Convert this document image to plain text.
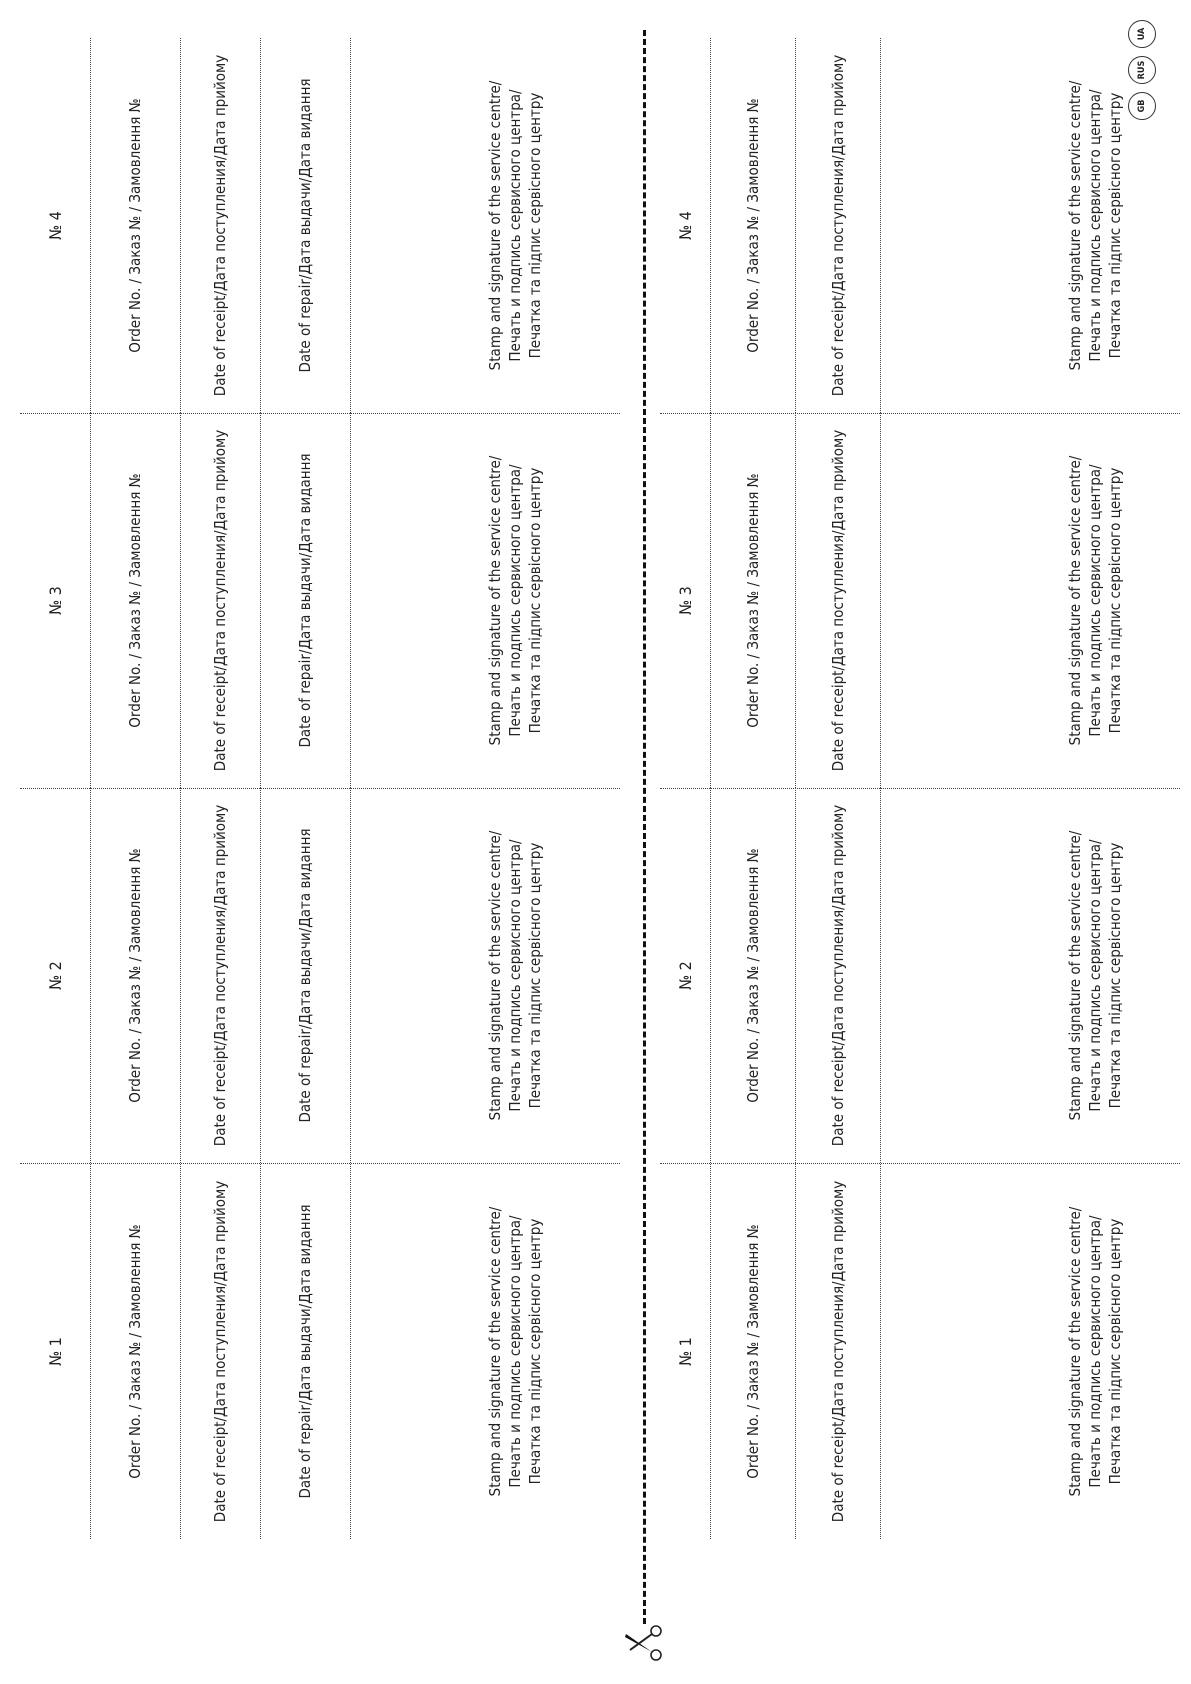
№ 1	Order No. / Заказ № / Замовлення №	Date of receipt/Дата поступления/Дата прийому	Date of repair/Дата выдачи/Дата видання	Stamp and signature of the service centre/ Печать и подпись сервисного центра/ Печатка та підпис сервісного центру
№ 2	Order No. / Заказ № / Замовлення №	Date of receipt/Дата поступления/Дата прийому	Date of repair/Дата выдачи/Дата видання	Stamp and signature of the service centre/ Печать и подпись сервисного центра/ Печатка та підпис сервісного центру
№ 3	Order No. / Заказ № / Замовлення №	Date of receipt/Дата поступления/Дата прийому	Date of repair/Дата выдачи/Дата видання	Stamp and signature of the service centre/ Печать и подпись сервисного центра/ Печатка та підпис сервісного центру
№ 4	Order No. / Заказ № / Замовлення №	Date of receipt/Дата поступления/Дата прийому	Date of repair/Дата выдачи/Дата видання	Stamp and signature of the service centre/ Печать и подпись сервисного центра/ Печатка та підпис сервісного центру
№ 1	Order No. / Заказ № / Замовлення №	Date of receipt/Дата поступления/Дата прийому	Stamp and signature of the service centre/ Печать и подпись сервисного центра/ Печатка та підпис сервісного центру
№ 2	Order No. / Заказ № / Замовлення №	Date of receipt/Дата поступления/Дата прийому	Stamp and signature of the service centre/ Печать и подпись сервисного центра/ Печатка та підпис сервісного центру
№ 3	Order No. / Заказ № / Замовлення №	Date of receipt/Дата поступления/Дата прийому	Stamp and signature of the service centre/ Печать и подпись сервисного центра/ Печатка та підпис сервісного центру
№ 4	Order No. / Заказ № / Замовлення №	Date of receipt/Дата поступления/Дата прийому	Stamp and signature of the service centre/ Печать и подпись сервисного центра/ Печатка та підпис сервісного центру	GB
RUS
UA
